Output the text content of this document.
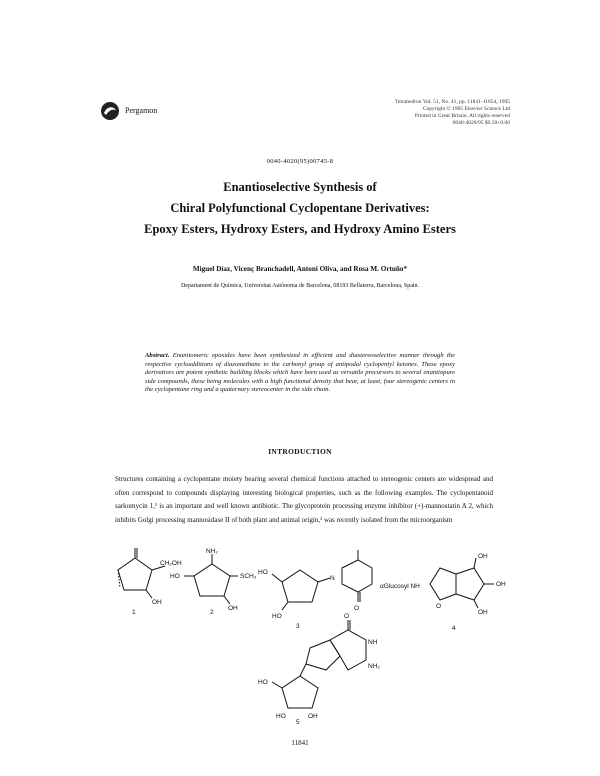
Pergamon
Tetrahedron Vol. 51, No. 41, pp. 11841-11854, 1995
Copyright © 1995 Elsevier Science Ltd
Printed in Great Britain. All rights reserved
0040-4020/95 $9.50+0.00
0040-4020(95)00745-8
Enantioselective Synthesis of
Chiral Polyfunctional Cyclopentane Derivatives:
Epoxy Esters, Hydroxy Esters, and Hydroxy Amino Esters
Miguel Díaz, Vicenç Branchadell, Antoni Oliva, and Rosa M. Ortuño*
Departament de Química, Universitat Autònoma de Barcelona, 08193 Bellaterra, Barcelona, Spain.
Abstract. Enantiomeric epoxides have been synthesized in efficient and diastereoselective manner through the respective cycloadditions of diazomethane to the carbonyl group of antipodal cyclopentyl ketones. These epoxy derivatives are potent synthetic building blocks which have been used as versatile precursors to several enantiopure side compounds, these being molecules with a high functional density that bear, at least, four stereogenic centers in the cyclopentane ring and a quaternary stereocenter in the side chain.
INTRODUCTION
Structures containing a cyclopentane moiety bearing several chemical functions attached to stereogenic centers are widespread and often correspond to compounds displaying interesting biological properties, such as the following examples. The cyclopentanoid sarkomycin 1,¹ is an important and well known antibiotic. The glycoprotein processing enzyme inhibitor (+)-mannostatin A 2, which inhibits Golgi processing mannosidase II of both plant and animal origin,² was recently isolated from the microorganism
CH₂OH
OH
1
NH₂
HO	SCH₃
OH
2
HO
HO
N
O
3
αGlucosyl NH
O
OH
OH
OH
4
O
NH
NH₂
HO
HO	OH
5
11841
